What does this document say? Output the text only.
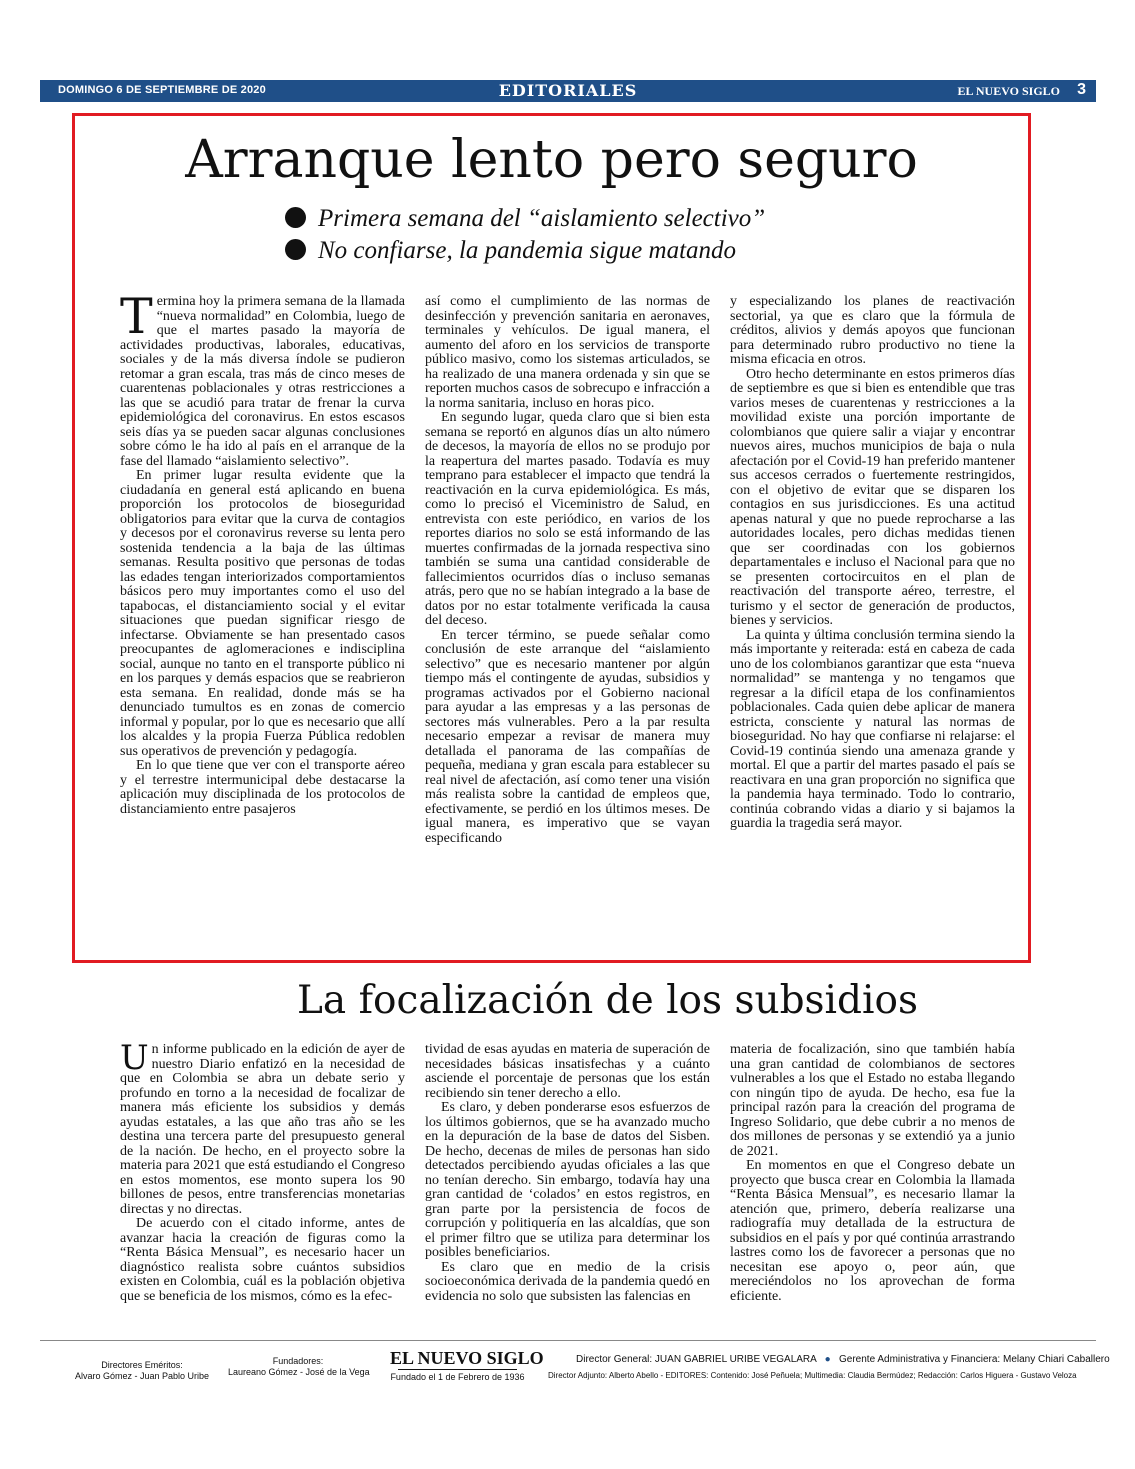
DOMINGO 6 DE SEPTIEMBRE DE 2020	EDITORIALES	EL NUEVO SIGLO 3
Arranque lento pero seguro
Primera semana del “aislamiento selectivo”
No confiarse, la pandemia sigue matando

Termina hoy la primera semana de la llamada “nueva normalidad” en Colombia, luego de que el martes pasado la mayoría de actividades productivas, laborales, educativas, sociales y de la más diversa índole se pudieron retomar a gran escala, tras más de cinco meses de cuarentenas poblacionales y otras restricciones a las que se acudió para tratar de frenar la curva epidemiológica del coronavirus. En estos escasos seis días ya se pueden sacar algunas conclusiones sobre cómo le ha ido al país en el arranque de la fase del llamado “aislamiento selectivo”.

En primer lugar resulta evidente que la ciudadanía en general está aplicando en buena proporción los protocolos de bioseguridad obligatorios para evitar que la curva de contagios y decesos por el coronavirus reverse su lenta pero sostenida tendencia a la baja de las últimas semanas. Resulta positivo que personas de todas las edades tengan interiorizados comportamientos básicos pero muy importantes como el uso del tapabocas, el distanciamiento social y el evitar situaciones que puedan significar riesgo de infectarse. Obviamente se han presentado casos preocupantes de aglomeraciones e indisciplina social, aunque no tanto en el transporte público ni en los parques y demás espacios que se reabrieron esta semana. En realidad, donde más se ha denunciado tumultos es en zonas de comercio informal y popular, por lo que es necesario que allí los alcaldes y la propia Fuerza Pública redoblen sus operativos de prevención y pedagogía.

En lo que tiene que ver con el transporte aéreo y el terrestre intermunicipal debe destacarse la aplicación muy disciplinada de los protocolos de distanciamiento entre pasajeros

así como el cumplimiento de las normas de desinfección y prevención sanitaria en aeronaves, terminales y vehículos. De igual manera, el aumento del aforo en los servicios de transporte público masivo, como los sistemas articulados, se ha realizado de una manera ordenada y sin que se reporten muchos casos de sobrecupo e infracción a la norma sanitaria, incluso en horas pico.

En segundo lugar, queda claro que si bien esta semana se reportó en algunos días un alto número de decesos, la mayoría de ellos no se produjo por la reapertura del martes pasado. Todavía es muy temprano para establecer el impacto que tendrá la reactivación en la curva epidemiológica. Es más, como lo precisó el Viceministro de Salud, en entrevista con este periódico, en varios de los reportes diarios no solo se está informando de las muertes confirmadas de la jornada respectiva sino también se suma una cantidad considerable de fallecimientos ocurridos días o incluso semanas atrás, pero que no se habían integrado a la base de datos por no estar totalmente verificada la causa del deceso.

En tercer término, se puede señalar como conclusión de este arranque del “aislamiento selectivo” que es necesario mantener por algún tiempo más el contingente de ayudas, subsidios y programas activados por el Gobierno nacional para ayudar a las empresas y a las personas de sectores más vulnerables. Pero a la par resulta necesario empezar a revisar de manera muy detallada el panorama de las compañías de pequeña, mediana y gran escala para establecer su real nivel de afectación, así como tener una visión más realista sobre la cantidad de empleos que, efectivamente, se perdió en los últimos meses. De igual manera, es imperativo que se vayan especificando

y especializando los planes de reactivación sectorial, ya que es claro que la fórmula de créditos, alivios y demás apoyos que funcionan para determinado rubro productivo no tiene la misma eficacia en otros.

Otro hecho determinante en estos primeros días de septiembre es que si bien es entendible que tras varios meses de cuarentenas y restricciones a la movilidad existe una porción importante de colombianos que quiere salir a viajar y encontrar nuevos aires, muchos municipios de baja o nula afectación por el Covid-19 han preferido mantener sus accesos cerrados o fuertemente restringidos, con el objetivo de evitar que se disparen los contagios en sus jurisdicciones. Es una actitud apenas natural y que no puede reprocharse a las autoridades locales, pero dichas medidas tienen que ser coordinadas con los gobiernos departamentales e incluso el Nacional para que no se presenten cortocircuitos en el plan de reactivación del transporte aéreo, terrestre, el turismo y el sector de generación de productos, bienes y servicios.

La quinta y última conclusión termina siendo la más importante y reiterada: está en cabeza de cada uno de los colombianos garantizar que esta “nueva normalidad” se mantenga y no tengamos que regresar a la difícil etapa de los confinamientos poblacionales. Cada quien debe aplicar de manera estricta, consciente y natural las normas de bioseguridad. No hay que confiarse ni relajarse: el Covid-19 continúa siendo una amenaza grande y mortal. El que a partir del martes pasado el país se reactivara en una gran proporción no significa que la pandemia haya terminado. Todo lo contrario, continúa cobrando vidas a diario y si bajamos la guardia la tragedia será mayor.

La focalización de los subsidios

Un informe publicado en la edición de ayer de nuestro Diario enfatizó en la necesidad de que en Colombia se abra un debate serio y profundo en torno a la necesidad de focalizar de manera más eficiente los subsidios y demás ayudas estatales, a las que año tras año se les destina una tercera parte del presupuesto general de la nación. De hecho, en el proyecto sobre la materia para 2021 que está estudiando el Congreso en estos momentos, ese monto supera los 90 billones de pesos, entre transferencias monetarias directas y no directas.

De acuerdo con el citado informe, antes de avanzar hacia la creación de figuras como la “Renta Básica Mensual”, es necesario hacer un diagnóstico realista sobre cuántos subsidios existen en Colombia, cuál es la población objetiva que se beneficia de los mismos, cómo es la efec-

tividad de esas ayudas en materia de superación de necesidades básicas insatisfechas y a cuánto asciende el porcentaje de personas que los están recibiendo sin tener derecho a ello.

Es claro, y deben ponderarse esos esfuerzos de los últimos gobiernos, que se ha avanzado mucho en la depuración de la base de datos del Sisben. De hecho, decenas de miles de personas han sido detectados percibiendo ayudas oficiales a las que no tenían derecho. Sin embargo, todavía hay una gran cantidad de ‘colados’ en estos registros, en gran parte por la persistencia de focos de corrupción y politiquería en las alcaldías, que son el primer filtro que se utiliza para determinar los posibles beneficiarios.

Es claro que en medio de la crisis socioeconómica derivada de la pandemia quedó en evidencia no solo que subsisten las falencias en

materia de focalización, sino que también había una gran cantidad de colombianos de sectores vulnerables a los que el Estado no estaba llegando con ningún tipo de ayuda. De hecho, esa fue la principal razón para la creación del programa de Ingreso Solidario, que debe cubrir a no menos de dos millones de personas y se extendió ya a junio de 2021.

En momentos en que el Congreso debate un proyecto que busca crear en Colombia la llamada “Renta Básica Mensual”, es necesario llamar la atención que, primero, debería realizarse una radiografía muy detallada de la estructura de subsidios en el país y por qué continúa arrastrando lastres como los de favorecer a personas que no necesitan ese apoyo o, peor aún, que mereciéndolos no los aprovechan de forma eficiente.

Directores Eméritos:
Alvaro Gómez - Juan Pablo Uribe
Fundadores:
Laureano Gómez - José de la Vega
EL NUEVO SIGLO
Fundado el 1 de Febrero de 1936
Director General: JUAN GABRIEL URIBE VEGALARA ● Gerente Administrativa y Financiera: Melany Chiari Caballero
Director Adjunto: Alberto Abello - EDITORES: Contenido: José Peñuela; Multimedia: Claudia Bermúdez; Redacción: Carlos Higuera - Gustavo Veloza
